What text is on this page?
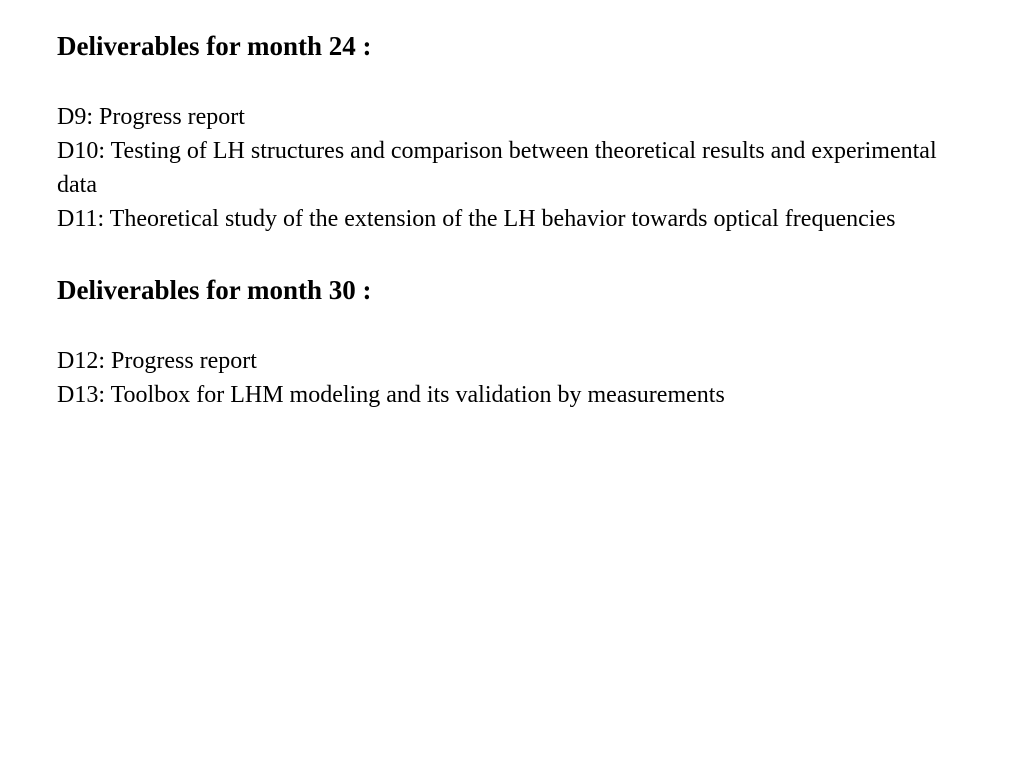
Deliverables for month 24 :
D9: Progress report
D10: Testing of LH structures and comparison between theoretical results and experimental data
D11: Theoretical study of the extension of the LH behavior towards optical frequencies
Deliverables for month 30 :
D12: Progress report
D13: Toolbox for LHM modeling and its validation by measurements
